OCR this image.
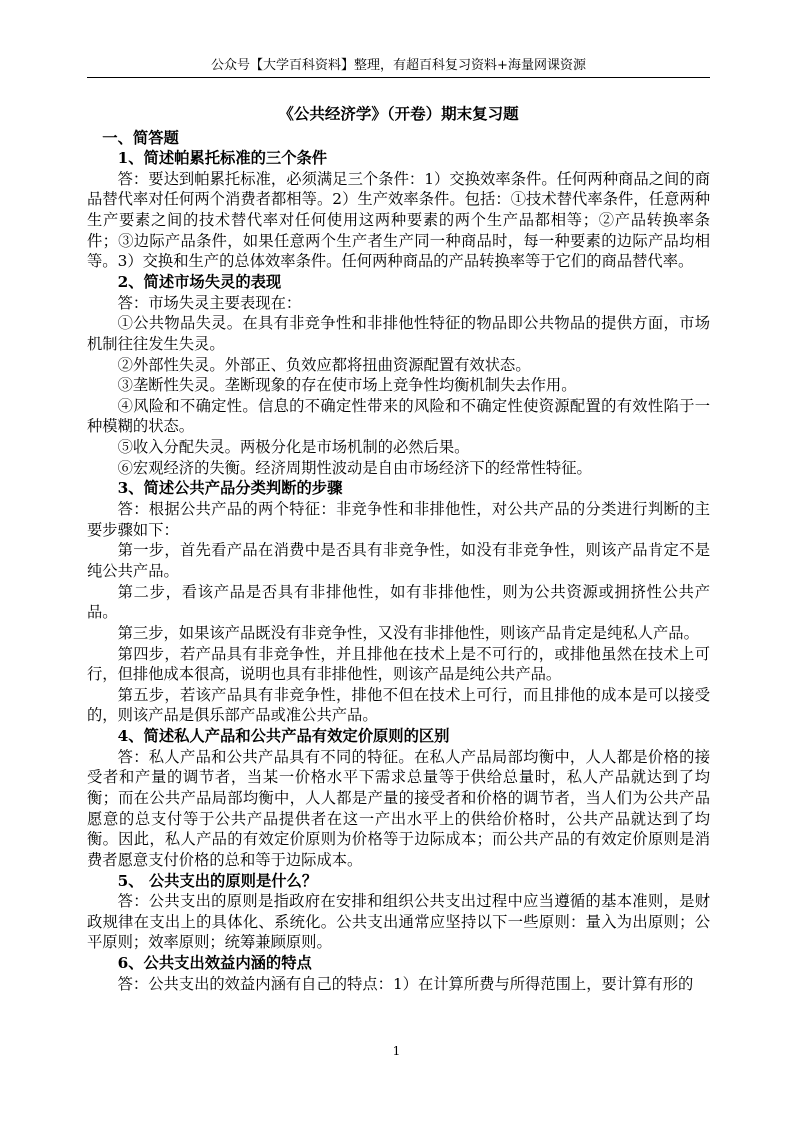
公众号【大学百科资料】整理，有超百科复习资料+海量网课资源
《公共经济学》（开卷）期末复习题
一、简答题
1、简述帕累托标准的三个条件

答：要达到帕累托标准，必须满足三个条件：1）交换效率条件。任何两种商品之间的商品替代率对任何两个消费者都相等。2）生产效率条件。包括：①技术替代率条件，任意两种生产要素之间的技术替代率对任何使用这两种要素的两个生产品都相等；②产品转换率条件；③边际产品条件，如果任意两个生产者生产同一种商品时，每一种要素的边际产品均相等。3）交换和生产的总体效率条件。任何两种商品的产品转换率等于它们的商品替代率。

2、简述市场失灵的表现

答：市场失灵主要表现在：

①公共物品失灵。在具有非竞争性和非排他性特征的物品即公共物品的提供方面，市场机制往往发生失灵。

②外部性失灵。外部正、负效应都将扭曲资源配置有效状态。

③垄断性失灵。垄断现象的存在使市场上竞争性均衡机制失去作用。

④风险和不确定性。信息的不确定性带来的风险和不确定性使资源配置的有效性陷于一种模糊的状态。

⑤收入分配失灵。两极分化是市场机制的必然后果。

⑥宏观经济的失衡。经济周期性波动是自由市场经济下的经常性特征。

3、简述公共产品分类判断的步骤

答：根据公共产品的两个特征：非竞争性和非排他性，对公共产品的分类进行判断的主要步骤如下：

第一步，首先看产品在消费中是否具有非竞争性，如没有非竞争性，则该产品肯定不是纯公共产品。

第二步，看该产品是否具有非排他性，如有非排他性，则为公共资源或拥挤性公共产品。

第三步，如果该产品既没有非竞争性，又没有非排他性，则该产品肯定是纯私人产品。

第四步，若产品具有非竞争性，并且排他在技术上是不可行的，或排他虽然在技术上可行，但排他成本很高，说明也具有非排他性，则该产品是纯公共产品。

第五步，若该产品具有非竞争性，排他不但在技术上可行，而且排他的成本是可以接受的，则该产品是俱乐部产品或准公共产品。

4、简述私人产品和公共产品有效定价原则的区别

答：私人产品和公共产品具有不同的特征。在私人产品局部均衡中，人人都是价格的接受者和产量的调节者，当某一价格水平下需求总量等于供给总量时，私人产品就达到了均衡；而在公共产品局部均衡中，人人都是产量的接受者和价格的调节者，当人们为公共产品愿意的总支付等于公共产品提供者在这一产出水平上的供给价格时，公共产品就达到了均衡。因此，私人产品的有效定价原则为价格等于边际成本；而公共产品的有效定价原则是消费者愿意支付价格的总和等于边际成本。

5、 公共支出的原则是什么？

答：公共支出的原则是指政府在安排和组织公共支出过程中应当遵循的基本准则，是财政规律在支出上的具体化、系统化。公共支出通常应坚持以下一些原则：量入为出原则；公平原则；效率原则；统筹兼顾原则。

6、公共支出效益内涵的特点

答：公共支出的效益内涵有自己的特点：1）在计算所费与所得范围上，要计算有形的

1
